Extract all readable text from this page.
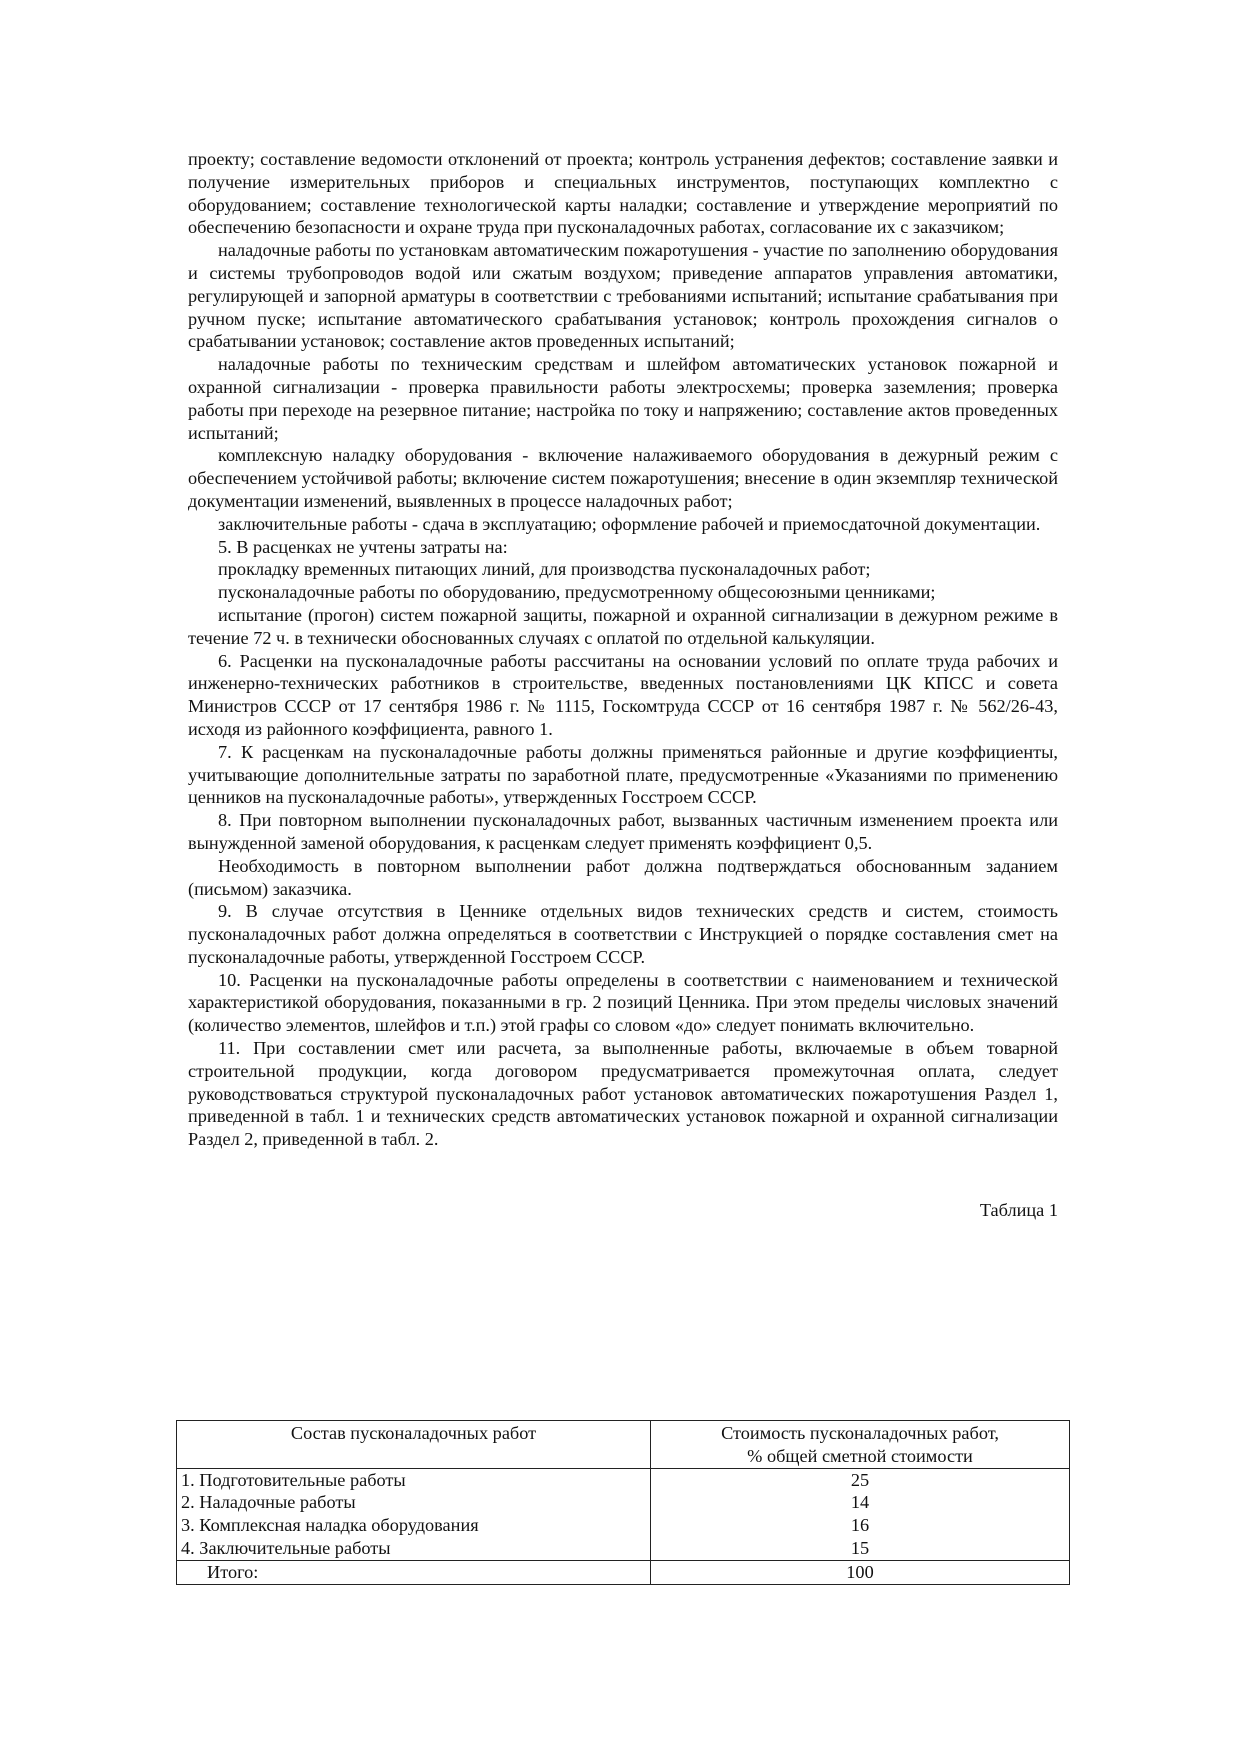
проекту; составление ведомости отклонений от проекта; контроль устранения дефектов; составление заявки и получение измерительных приборов и специальных инструментов, поступающих комплектно с оборудованием; составление технологической карты наладки; составление и утверждение мероприятий по обеспечению безопасности и охране труда при пусконаладочных работах, согласование их с заказчиком;

наладочные работы по установкам автоматическим пожаротушения - участие по заполнению оборудования и системы трубопроводов водой или сжатым воздухом; приведение аппаратов управления автоматики, регулирующей и запорной арматуры в соответствии с требованиями испытаний; испытание срабатывания при ручном пуске; испытание автоматического срабатывания установок; контроль прохождения сигналов о срабатывании установок; составление актов проведенных испытаний;

наладочные работы по техническим средствам и шлейфом автоматических установок пожарной и охранной сигнализации - проверка правильности работы электросхемы; проверка заземления; проверка работы при переходе на резервное питание; настройка по току и напряжению; составление актов проведенных испытаний;

комплексную наладку оборудования - включение налаживаемого оборудования в дежурный режим с обеспечением устойчивой работы; включение систем пожаротушения; внесение в один экземпляр технической документации изменений, выявленных в процессе наладочных работ;

заключительные работы - сдача в эксплуатацию; оформление рабочей и приемосдаточной документации.

5. В расценках не учтены затраты на:

прокладку временных питающих линий, для производства пусконаладочных работ;

пусконаладочные работы по оборудованию, предусмотренному общесоюзными ценниками;

испытание (прогон) систем пожарной защиты, пожарной и охранной сигнализации в дежурном режиме в течение 72 ч. в технически обоснованных случаях с оплатой по отдельной калькуляции.

6. Расценки на пусконаладочные работы рассчитаны на основании условий по оплате труда рабочих и инженерно-технических работников в строительстве, введенных постановлениями ЦК КПСС и совета Министров СССР от 17 сентября 1986 г. № 1115, Госкомтруда СССР от 16 сентября 1987 г. № 562/26-43, исходя из районного коэффициента, равного 1.

7. К расценкам на пусконаладочные работы должны применяться районные и другие коэффициенты, учитывающие дополнительные затраты по заработной плате, предусмотренные «Указаниями по применению ценников на пусконаладочные работы», утвержденных Госстроем СССР.

8. При повторном выполнении пусконаладочных работ, вызванных частичным изменением проекта или вынужденной заменой оборудования, к расценкам следует применять коэффициент 0,5.

Необходимость в повторном выполнении работ должна подтверждаться обоснованным заданием (письмом) заказчика.

9. В случае отсутствия в Ценнике отдельных видов технических средств и систем, стоимость пусконаладочных работ должна определяться в соответствии с Инструкцией о порядке составления смет на пусконаладочные работы, утвержденной Госстроем СССР.

10. Расценки на пусконаладочные работы определены в соответствии с наименованием и технической характеристикой оборудования, показанными в гр. 2 позиций Ценника. При этом пределы числовых значений (количество элементов, шлейфов и т.п.) этой графы со словом «до» следует понимать включительно.

11. При составлении смет или расчета, за выполненные работы, включаемые в объем товарной строительной продукции, когда договором предусматривается промежуточная оплата, следует руководствоваться структурой пусконаладочных работ установок автоматических пожаротушения Раздел 1, приведенной в табл. 1 и технических средств автоматических установок пожарной и охранной сигнализации Раздел 2, приведенной в табл. 2.

Таблица 1
Состав пусконаладочных работ	Стоимость пусконаладочных работ,
% общей сметной стоимости
1. Подготовительные работы	25
2. Наладочные работы	14
3. Комплексная наладка оборудования	16
4. Заключительные работы	15
Итого:	100
